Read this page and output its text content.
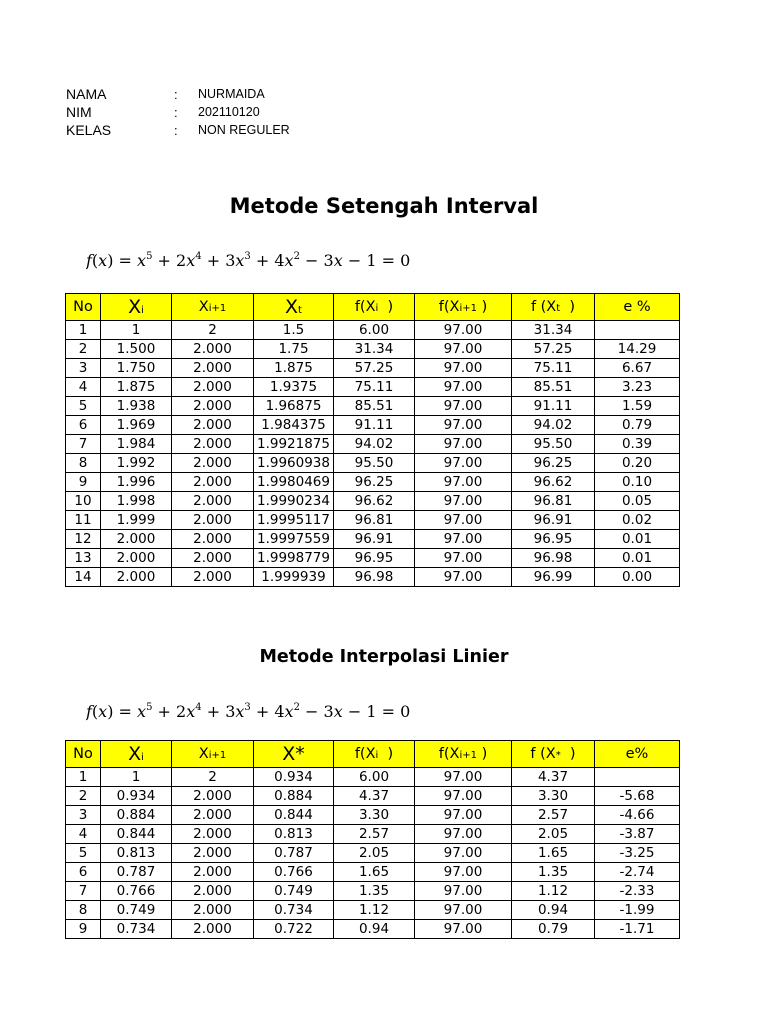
NAMA	:	NURMAIDA
NIM	:	202110120
KELAS	:	NON REGULER
Metode Setengah Interval
$f(x) = x^5 + 2x^4 + 3x^3 + 4x^2 - 3x - 1 = 0$
No	Xi	Xi+1	Xt	f(Xi  )	f(Xi+1 )	f (Xt  )	e %
1	1	2	1.5	6.00	97.00	31.34	
2	1.500	2.000	1.75	31.34	97.00	57.25	14.29
3	1.750	2.000	1.875	57.25	97.00	75.11	6.67
4	1.875	2.000	1.9375	75.11	97.00	85.51	3.23
5	1.938	2.000	1.96875	85.51	97.00	91.11	1.59
6	1.969	2.000	1.984375	91.11	97.00	94.02	0.79
7	1.984	2.000	1.9921875	94.02	97.00	95.50	0.39
8	1.992	2.000	1.9960938	95.50	97.00	96.25	0.20
9	1.996	2.000	1.9980469	96.25	97.00	96.62	0.10
10	1.998	2.000	1.9990234	96.62	97.00	96.81	0.05
11	1.999	2.000	1.9995117	96.81	97.00	96.91	0.02
12	2.000	2.000	1.9997559	96.91	97.00	96.95	0.01
13	2.000	2.000	1.9998779	96.95	97.00	96.98	0.01
14	2.000	2.000	1.999939	96.98	97.00	96.99	0.00
Metode Interpolasi Linier
$f(x) = x^5 + 2x^4 + 3x^3 + 4x^2 - 3x - 1 = 0$
No	Xi	Xi+1	X*	f(Xi  )	f(Xi+1 )	f (X*  )	e%
1	1	2	0.934	6.00	97.00	4.37	
2	0.934	2.000	0.884	4.37	97.00	3.30	-5.68
3	0.884	2.000	0.844	3.30	97.00	2.57	-4.66
4	0.844	2.000	0.813	2.57	97.00	2.05	-3.87
5	0.813	2.000	0.787	2.05	97.00	1.65	-3.25
6	0.787	2.000	0.766	1.65	97.00	1.35	-2.74
7	0.766	2.000	0.749	1.35	97.00	1.12	-2.33
8	0.749	2.000	0.734	1.12	97.00	0.94	-1.99
9	0.734	2.000	0.722	0.94	97.00	0.79	-1.71
